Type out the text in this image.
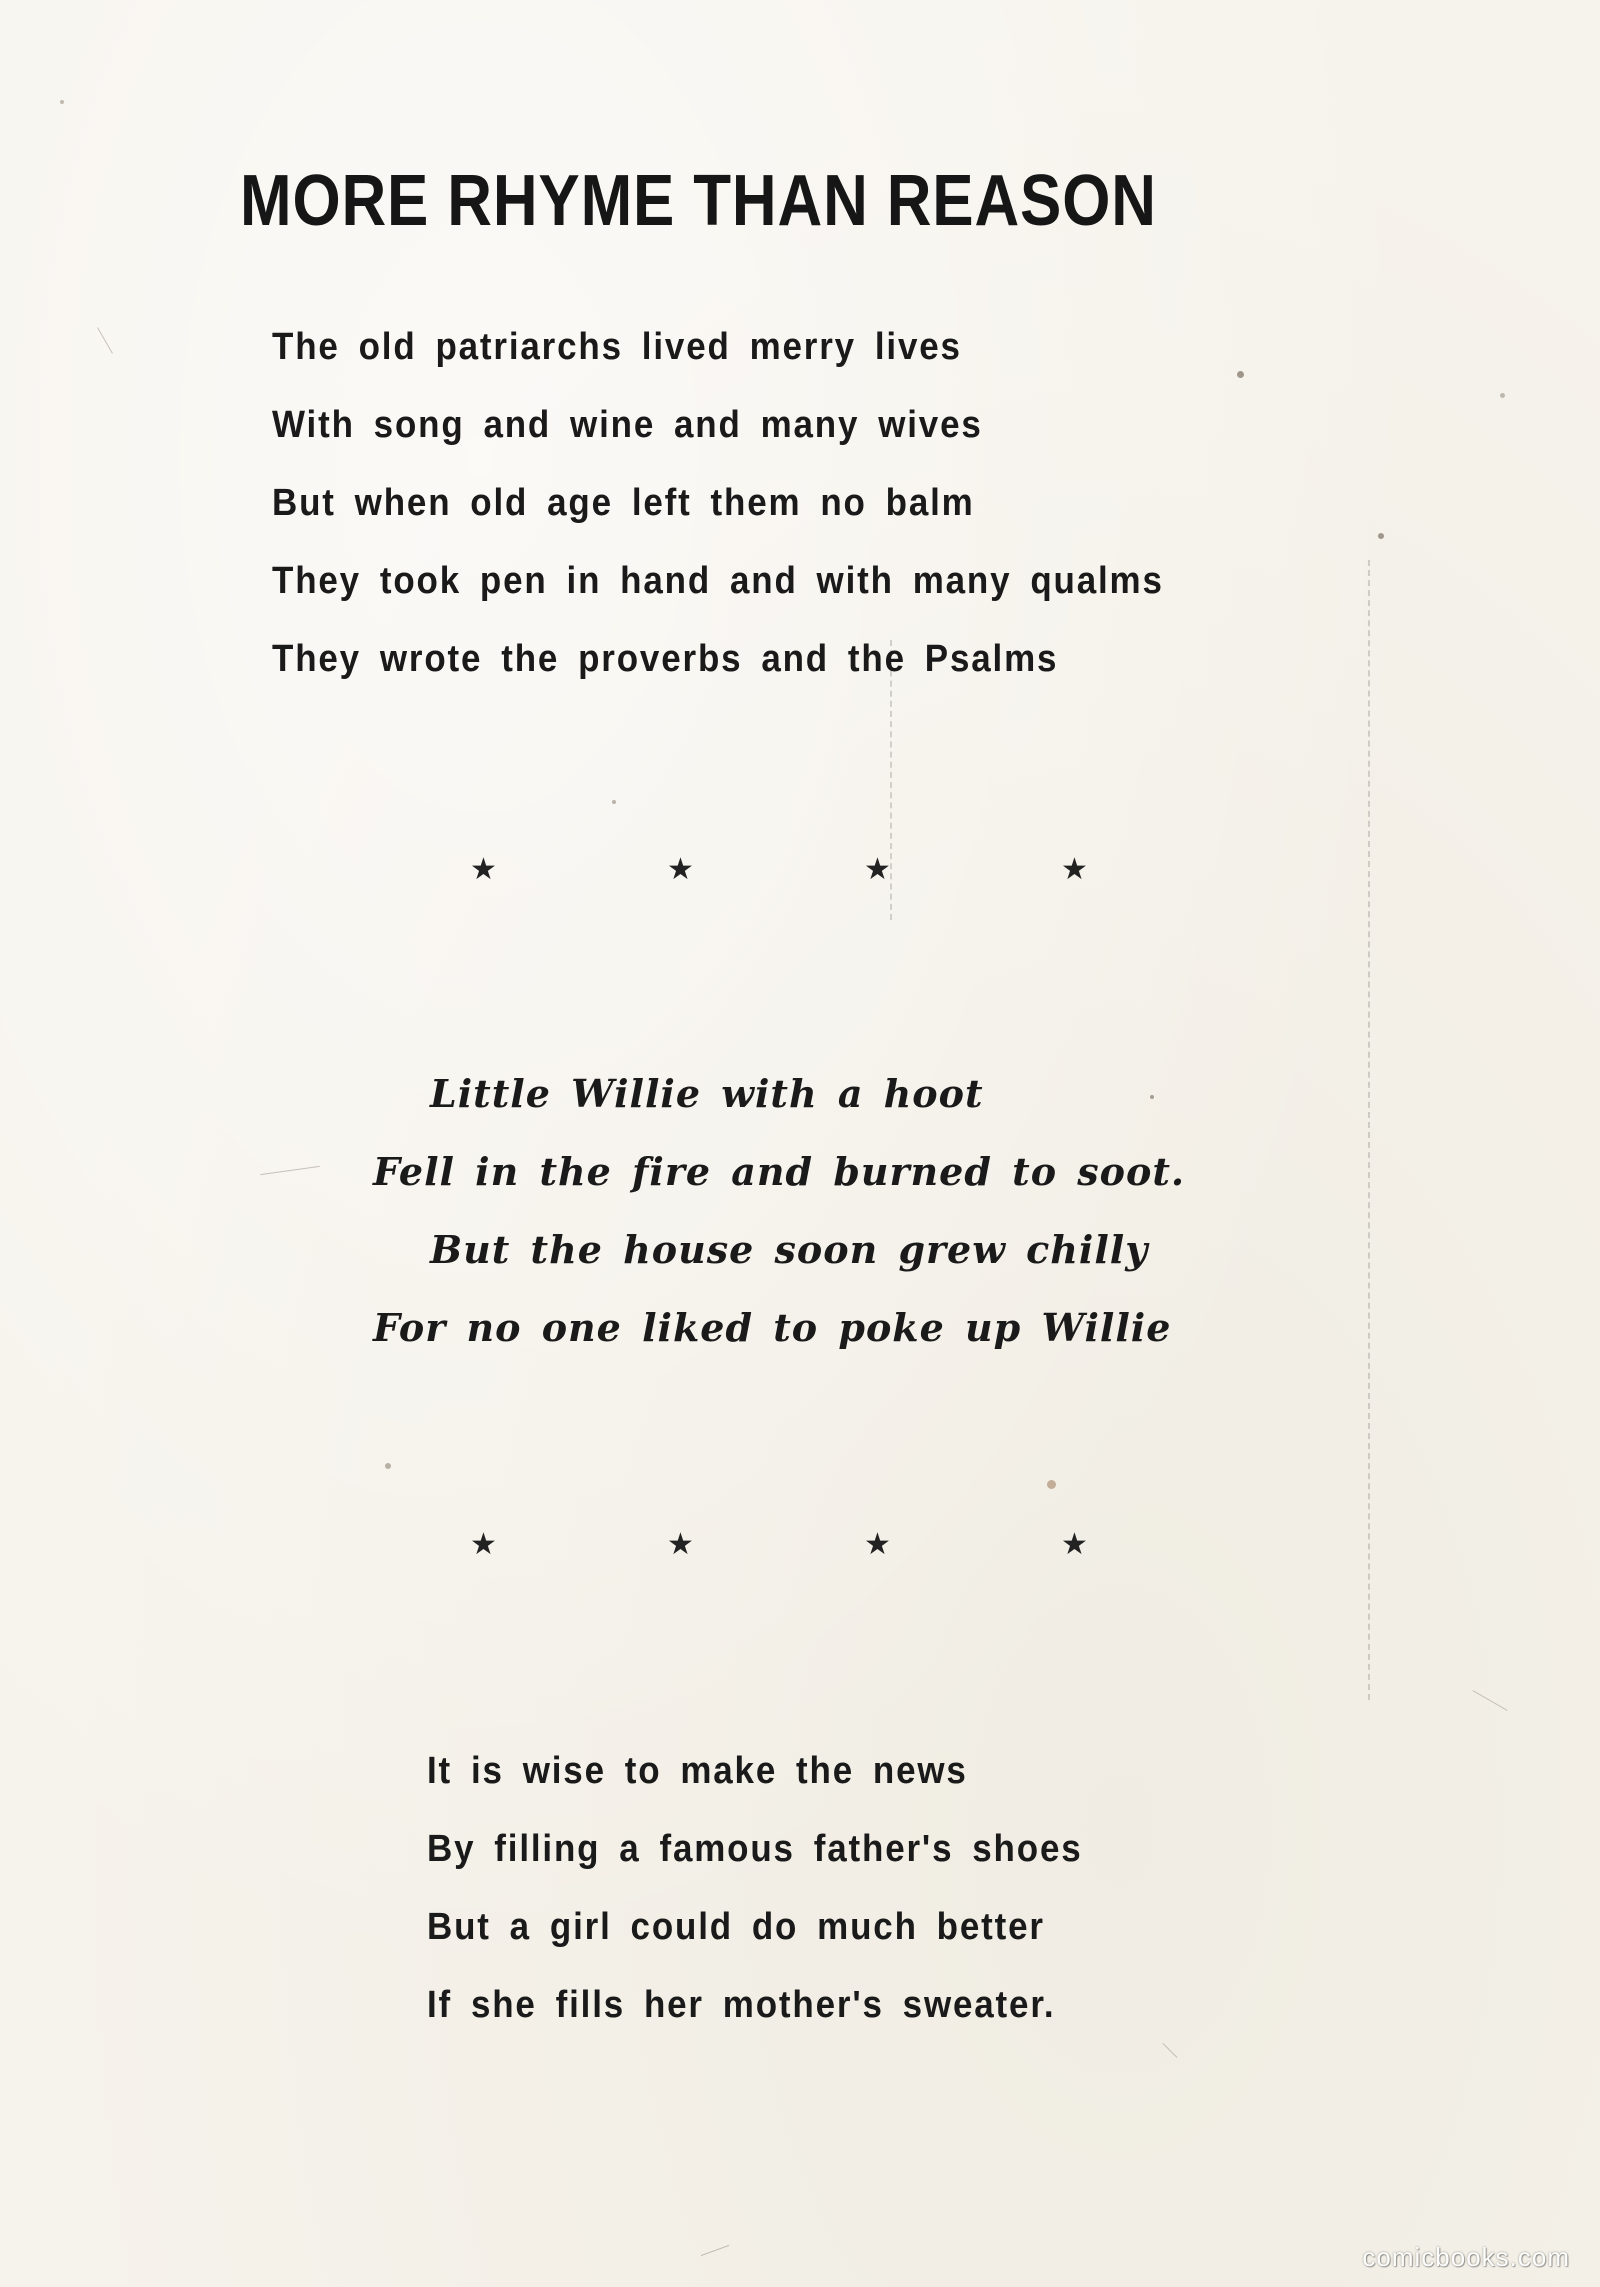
MORE RHYME THAN REASON
The old patriarchs lived merry lives
With song and wine and many wives
But when old age left them no balm
They took pen in hand and with many qualms
They wrote the proverbs and the Psalms
★	★	★	★
Little Willie with a hoot
Fell in the fire and burned to soot.
But the house soon grew chilly
For no one liked to poke up Willie
★	★	★	★
It is wise to make the news
By filling a famous father's shoes
But a girl could do much better
If she fills her mother's sweater.
comicbooks.com
